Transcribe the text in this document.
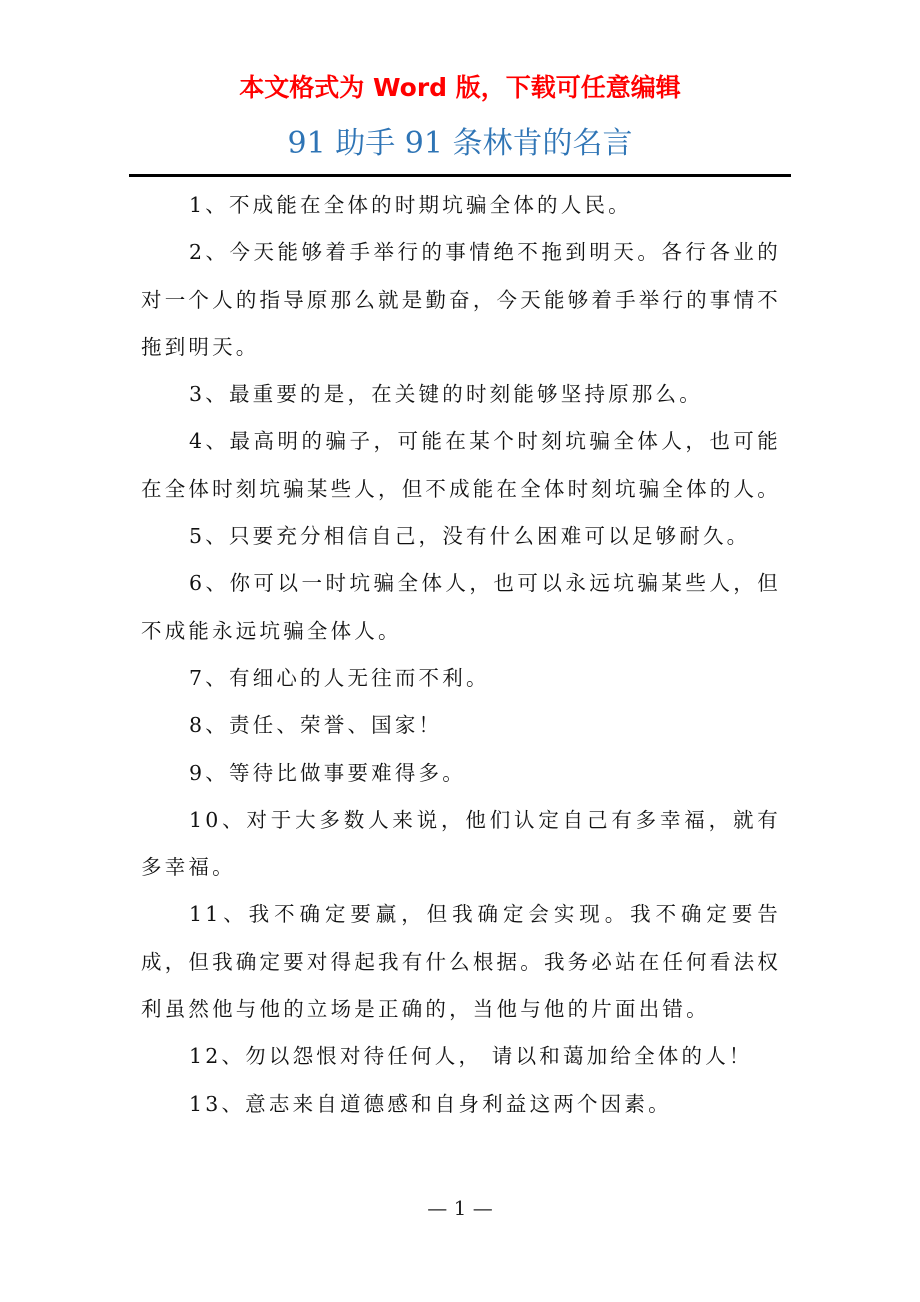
本文格式为 Word 版，下载可任意编辑
91 助手 91 条林肯的名言

1、不成能在全体的时期坑骗全体的人民。

2、今天能够着手举行的事情绝不拖到明天。各行各业的对一个人的指导原那么就是勤奋，今天能够着手举行的事情不拖到明天。

3、最重要的是，在关键的时刻能够坚持原那么。

4、最高明的骗子，可能在某个时刻坑骗全体人，也可能在全体时刻坑骗某些人，但不成能在全体时刻坑骗全体的人。

5、只要充分相信自己，没有什么困难可以足够耐久。

6、你可以一时坑骗全体人，也可以永远坑骗某些人，但不成能永远坑骗全体人。

7、有细心的人无往而不利。

8、责任、荣誉、国家！

9、等待比做事要难得多。

10、对于大多数人来说，他们认定自己有多幸福，就有多幸福。

11、我不确定要赢，但我确定会实现。我不确定要告成，但我确定要对得起我有什么根据。我务必站在任何看法权利虽然他与他的立场是正确的，当他与他的片面出错。

12、勿以怨恨对待任何人， 请以和蔼加给全体的人！

13、意志来自道德感和自身利益这两个因素。

— 1 —
